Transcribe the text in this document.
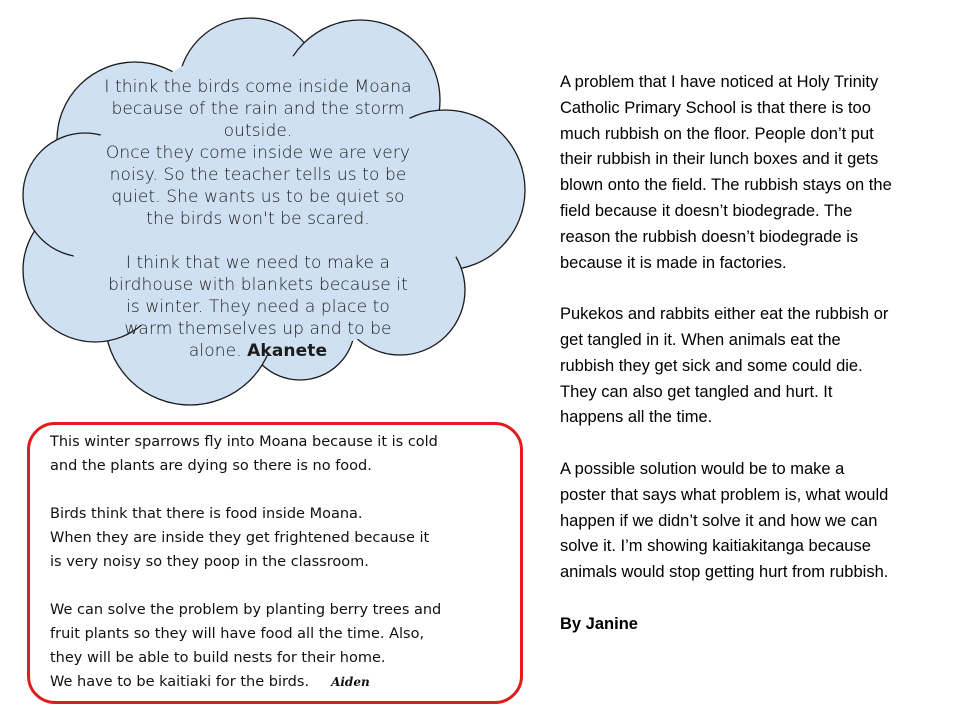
I think the birds come inside Moana

because of the rain and the storm

outside.

Once they come inside we are very

noisy. So the teacher tells us to be

quiet. She wants us to be quiet so

the birds won't be scared.

I think that we need to make a

birdhouse with blankets because it

is winter. They need a place to

warm themselves up and to be

alone. Akanete

This winter sparrows fly into Moana because it is cold

and the plants are dying so there is no food.

Birds think that there is food inside Moana.

When they are inside they get frightened because it

is very noisy so they poop in the classroom.

We can solve the problem by planting berry trees and

fruit plants so they will have food all the time. Also,

they will be able to build nests for their home.

We have to be kaitiaki for the birds. Aiden

A problem that I have noticed at Holy Trinity

Catholic Primary School is that there is too

much rubbish on the floor. People don’t put

their rubbish in their lunch boxes and it gets

blown onto the field. The rubbish stays on the

field because it doesn’t biodegrade. The

reason the rubbish doesn’t biodegrade is

because it is made in factories.

Pukekos and rabbits either eat the rubbish or

get tangled in it. When animals eat the

rubbish they get sick and some could die.

They can also get tangled and hurt. It

happens all the time.

A possible solution would be to make a

poster that says what problem is, what would

happen if we didn’t solve it and how we can

solve it. I’m showing kaitiakitanga because

animals would stop getting hurt from rubbish.

By Janine
